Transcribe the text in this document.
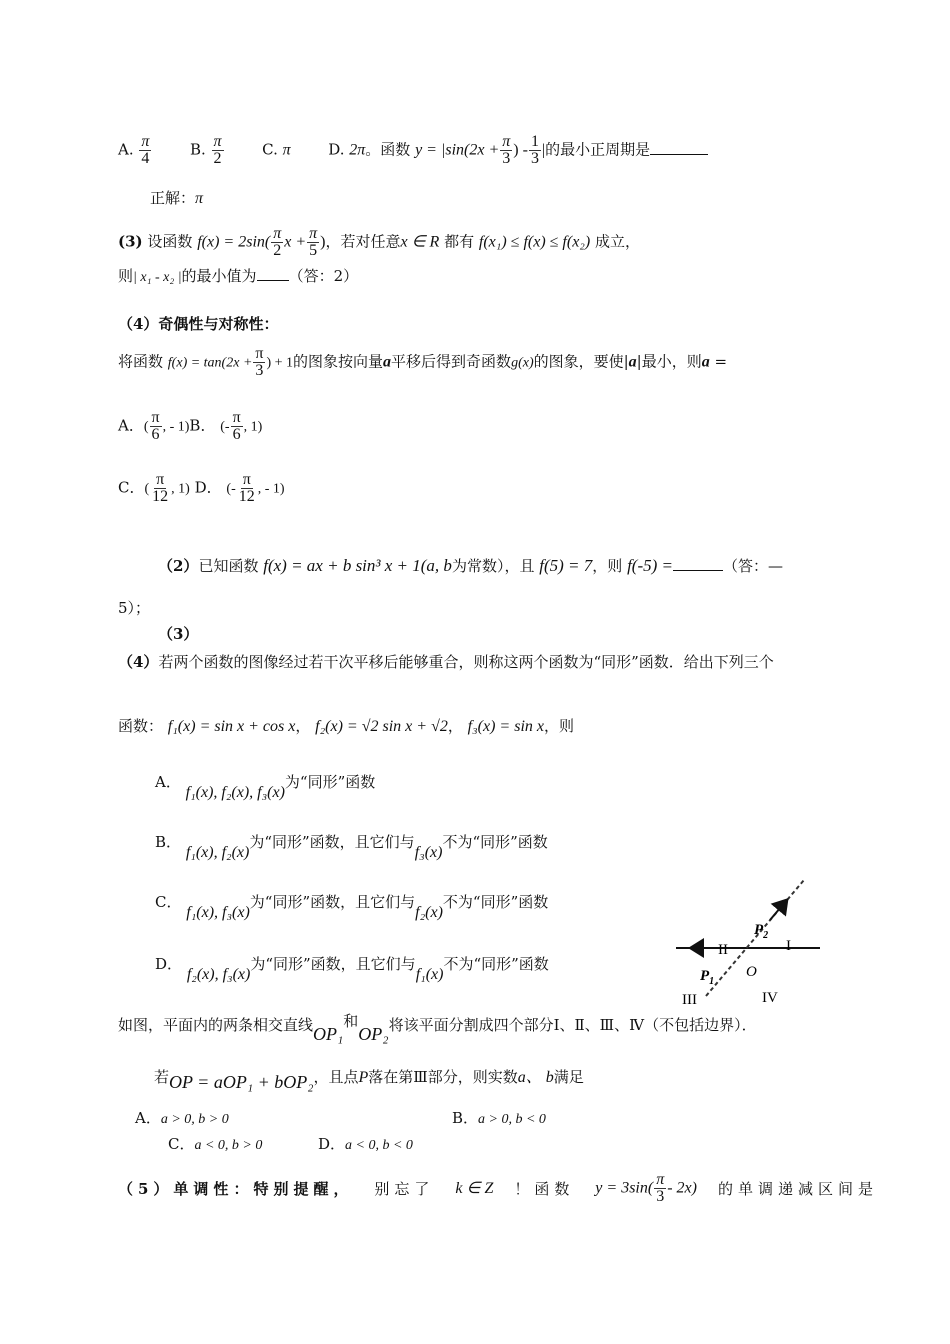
A. $\frac{\pi}{4}$	B. $\frac{\pi}{2}$	C. π	D. 2π。函数 $y = |\sin(2x + \frac{\pi}{3}$ ) - $\frac{1}{3}$ |的最小正周期是
正解：π
(3) 设函数 $f(x) = 2\sin( \frac{\pi}{2}$ $x + \frac{\pi}{5}$ )，若对任意x ∈ R 都有 f(x₁) ≤ f(x) ≤ f(x₂) 成立，
则| x₁ - x₂ |的最小值为 （答：2）
（4）奇偶性与对称性：
将函数 $f(x) = \tan(2x + \frac{\pi}{3}$ ) + 1的图象按向量a平移后得到奇函数g(x)的图象，要使|a|最小，则a =
A．( $\frac{\pi}{6}$ , - 1)B． (- $\frac{\pi}{6}$ , 1)
C．( $\frac{\pi}{12}$ , 1) D． (- $\frac{\pi}{12}$ , - 1)
（2）已知函数 f(x) = ax + b sin³ x + 1(a, b为常数），且 f(5) = 7，则 f(-5) =	（答：—
5）；
（3）
（4）若两个函数的图像经过若干次平移后能够重合，则称这两个函数为“同形”函数．给出下列三个
函数： f₁(x) = sin x + cos x， f₂(x) = √2 sin x + √2， f₃(x) = sin x，则
A． f₁(x), f₂(x), f₃(x)为“同形”函数
B． f₁(x), f₂(x)为“同形”函数，且它们与f₃(x)不为“同形”函数
C． f₁(x), f₃(x)为“同形”函数，且它们与f₂(x)不为“同形”函数
D． f₂(x), f₃(x)为“同形”函数，且它们与f₁(x)不为“同形”函数
$P_2$
II	I
$P_1$
O
III	IV
如图，平面内的两条相交直线OP₁和OP₂将该平面分割成四个部分Ⅰ、Ⅱ、Ⅲ、Ⅳ（不包括边界）．
若OP = aOP₁ + bOP₂，且点P落在第Ⅲ部分，则实数a、 b满足
A．a > 0, b > 0	B．a > 0, b < 0
C．a < 0, b > 0	D．a < 0, b < 0
（5）单调性：特别提醒， 别忘了 k ∈ Z ！函数 $y = 3\sin( \frac{\pi}{3} - 2x)$ 的单调递减区间是
